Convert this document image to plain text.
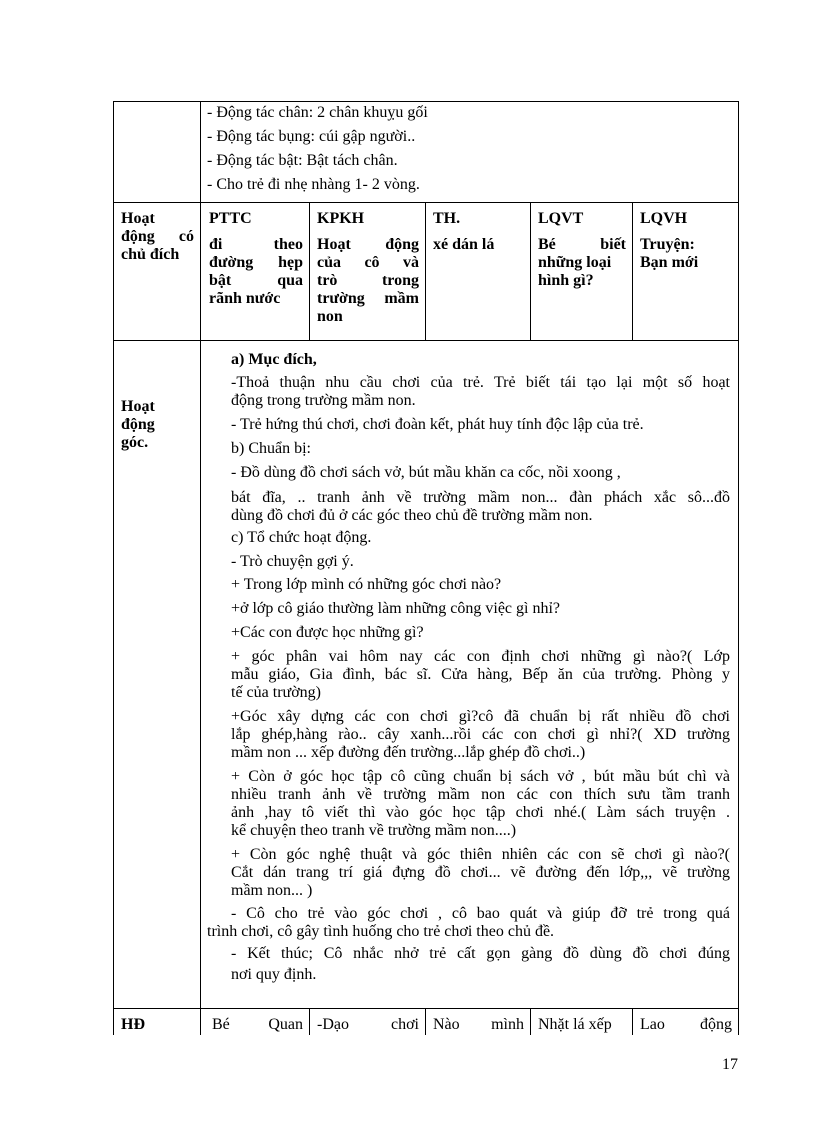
- Động tác chân: 2 chân khuỵu gối
- Động tác bụng: cúi gập người..
- Động tác bật: Bật tách chân.
- Cho trẻ đi nhẹ nhàng 1- 2 vòng.
Hoạt
động có
chủ đích
PTTC
đi theo
đường hẹp
bật qua
rãnh nước
KPKH
Hoạt động
của cô và
trò trong
trường mầm
non
TH.
xé dán lá
LQVT
Bé biết
những loại
hình gì?
LQVH
Truyện:
Bạn mới
Hoạt
động
góc.
a) Mục đích,
-Thoả thuận nhu cầu chơi của trẻ. Trẻ biết tái tạo lại một số hoạt
động trong trường mầm non.
- Trẻ hứng thú chơi, chơi đoàn kết, phát huy tính độc lập của trẻ.
b) Chuẩn bị:
- Đồ dùng đồ chơi sách vở, bút mầu khăn ca cốc, nồi xoong ,
bát đĩa, .. tranh ảnh về trường mầm non... đàn phách xắc sô...đồ
dùng đồ chơi đủ ở các góc theo chủ đề trường mầm non.
c) Tổ chức hoạt động.
- Trò chuyện gợi ý.
+ Trong lớp mình có những góc chơi nào?
+ở lớp cô giáo thường làm những công việc gì nhỉ?
+Các con được học những gì?
+ góc phân vai hôm nay các con định chơi những gì nào?( Lớp
mẫu giáo, Gia đình, bác sĩ. Cửa hàng, Bếp ăn của trường. Phòng y
tế của trường)
+Góc xây dựng các con chơi gì?cô đã chuẩn bị rất nhiều đồ chơi
lắp ghép,hàng rào.. cây xanh...rồi các con chơi gì nhỉ?( XD trường
mầm non ... xếp đường đến trường...lắp ghép đồ chơi..)
+ Còn ở góc học tập cô cũng chuẩn bị sách vở , bút mầu bút chì và
nhiều tranh ảnh về trường mầm non các con thích sưu tầm tranh
ảnh ,hay tô viết thì vào góc học tập chơi nhé.( Làm sách truyện .
kể chuyện theo tranh về trường mầm non....)
+ Còn góc nghệ thuật và góc thiên nhiên các con sẽ chơi gì nào?(
Cắt dán trang trí giá đựng đồ chơi... vẽ đường đến lớp,,, vẽ trường
mầm non... )
- Cô cho trẻ vào góc chơi , cô bao quát và giúp đỡ trẻ trong quá
trình chơi, cô gây tình huống cho trẻ chơi theo chủ đề.
- Kết thúc; Cô nhắc nhở trẻ cất gọn gàng đồ dùng đồ chơi đúng
nơi quy định.
HĐ	Bé Quan -Dạo chơi Nào mình Nhặt lá xếp Lao động
17
